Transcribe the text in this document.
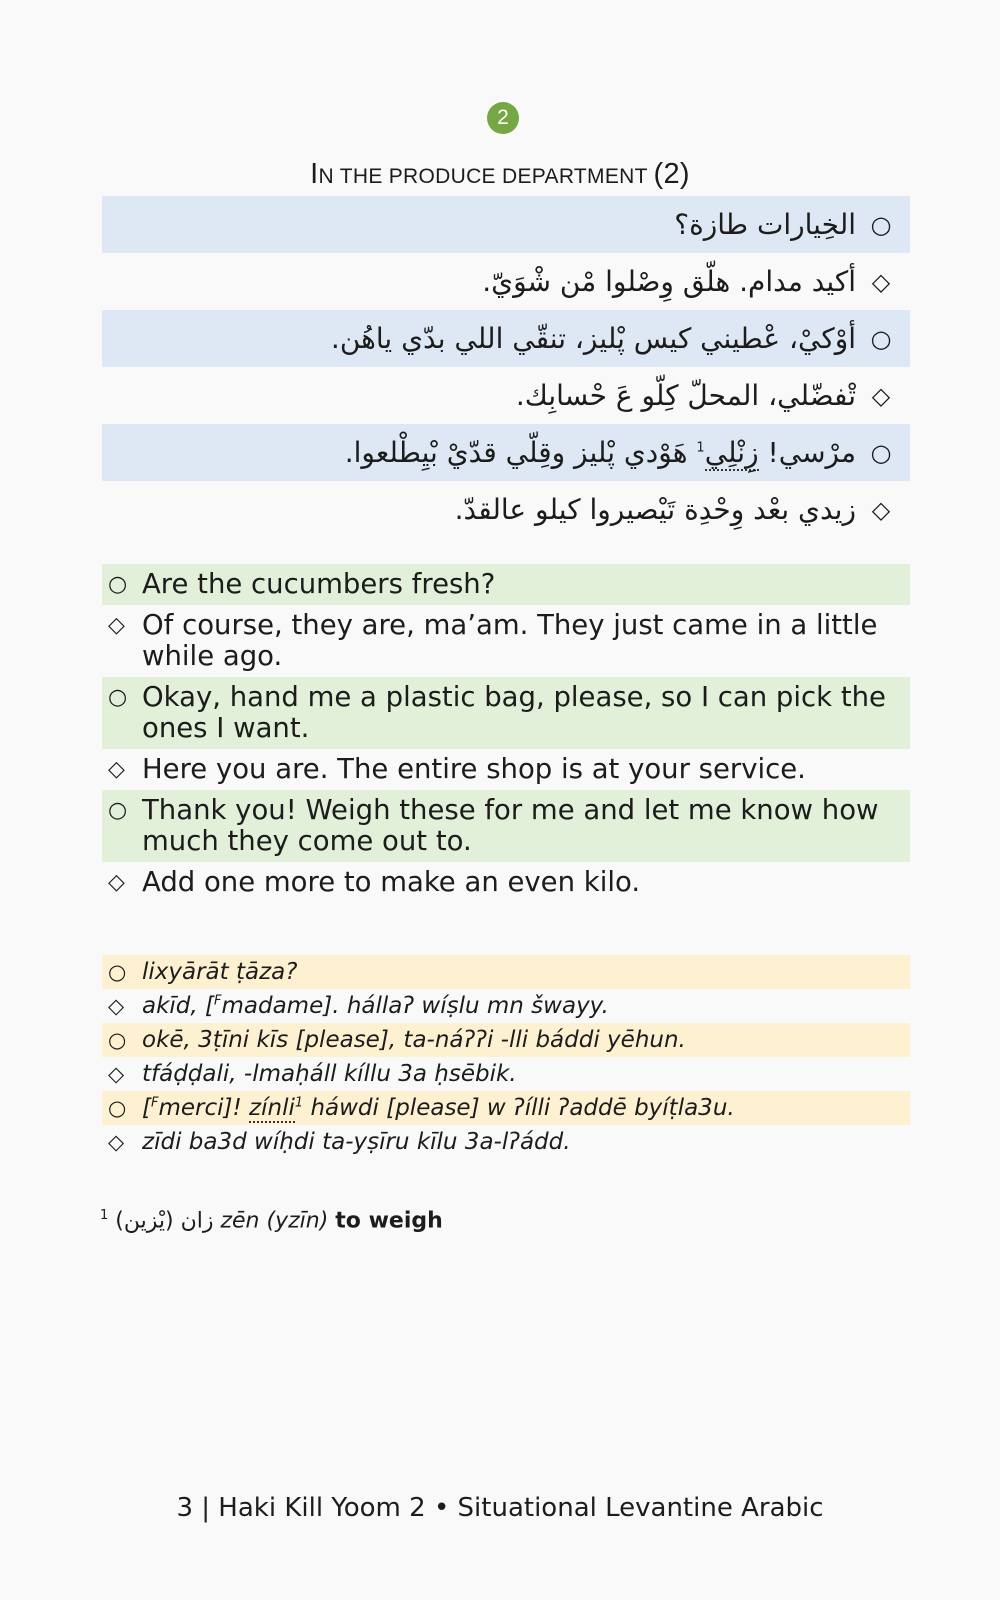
2
IN THE PRODUCE DEPARTMENT (2)
○
الخِيارات طازة؟
◇
أكيد مدام. هلّق وِصْلوا مْن شْوَيّ.
○
أوْكيْ، عْطيني كيس پْليز، تنقّي اللي بدّي ياهُن.
◇
تْفضّلي، المحلّ كِلّو عَ حْسابِك.
○
مرْسي! زِنْلِي$^1$ هَوْدي پْليز وقِلّي قدّيْ بْيِطْلعوا.
◇
زيدي بعْد وِحْدِة تَيْصيروا كيلو عالقدّ.
○ Are the cucumbers fresh?
◇ Of course, they are, ma’am. They just came in a little while ago.
○ Okay, hand me a plastic bag, please, so I can pick the ones I want.
◇ Here you are. The entire shop is at your service.
○ Thank you! Weigh these for me and let me know how much they come out to.
◇ Add one more to make an even kilo.
○ lixyārāt ṭāza?
◇ akīd, [$^F$madame]. hállaʔ wíṣlu mn šwayy.
○ okē, 3ṭīni kīs [please], ta-náʔʔi -lli báddi yēhun.
◇ tfáḍḍali, -lmaḥáll kíllu 3a ḥsēbik.
○ [$^F$merci]! zínli$^1$ háwdi [please] w ʔílli ʔaddē byíṭla3u.
◇ zīdi ba3d wíḥdi ta-yṣīru kīlu 3a-lʔádd.
$^1$ زان (يْزين) zēn (yzīn) to weigh
3 | Haki Kill Yoom 2 • Situational Levantine Arabic
